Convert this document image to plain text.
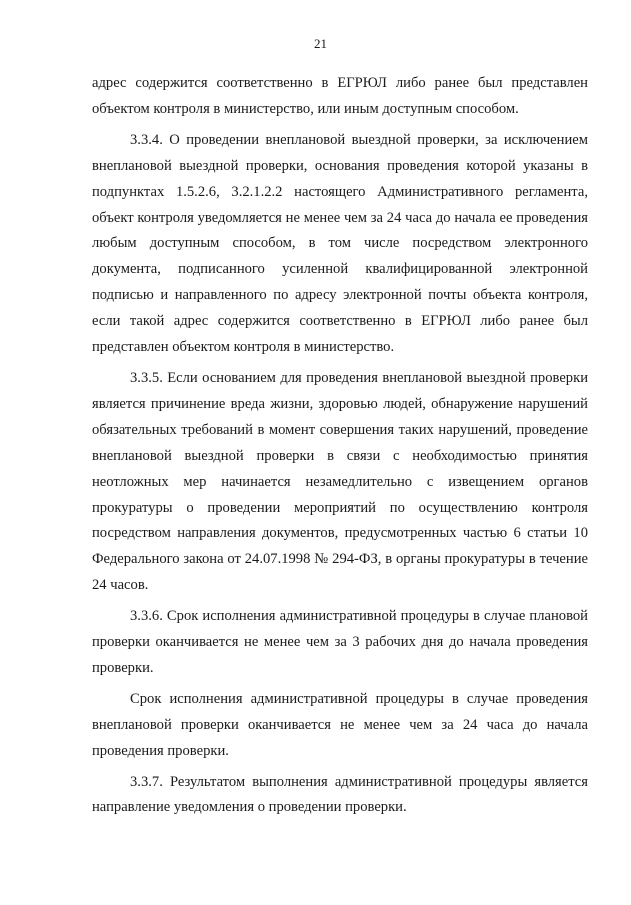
21

адрес содержится соответственно в ЕГРЮЛ либо ранее был представлен объектом контроля в министерство, или иным доступным способом.

3.3.4. О проведении внеплановой выездной проверки, за исключением внеплановой выездной проверки, основания проведения которой указаны в подпунктах 1.5.2.6, 3.2.1.2.2 настоящего Административного регламента, объект контроля уведомляется не менее чем за 24 часа до начала ее проведения любым доступным способом, в том числе посредством электронного документа, подписанного усиленной квалифицированной электронной подписью и направленного по адресу электронной почты объекта контроля, если такой адрес содержится соответственно в ЕГРЮЛ либо ранее был представлен объектом контроля в министерство.

3.3.5. Если основанием для проведения внеплановой выездной проверки является причинение вреда жизни, здоровью людей, обнаружение нарушений обязательных требований в момент совершения таких нарушений, проведение внеплановой выездной проверки в связи с необходимостью принятия неотложных мер начинается незамедлительно с извещением органов прокуратуры о проведении мероприятий по осуществлению контроля посредством направления документов, предусмотренных частью 6 статьи 10 Федерального закона от 24.07.1998 № 294-ФЗ, в органы прокуратуры в течение 24 часов.

3.3.6. Срок исполнения административной процедуры в случае плановой проверки оканчивается не менее чем за 3 рабочих дня до начала проведения проверки.

Срок исполнения административной процедуры в случае проведения внеплановой проверки оканчивается не менее чем за 24 часа до начала проведения проверки.

3.3.7. Результатом выполнения административной процедуры является направление уведомления о проведении проверки.
